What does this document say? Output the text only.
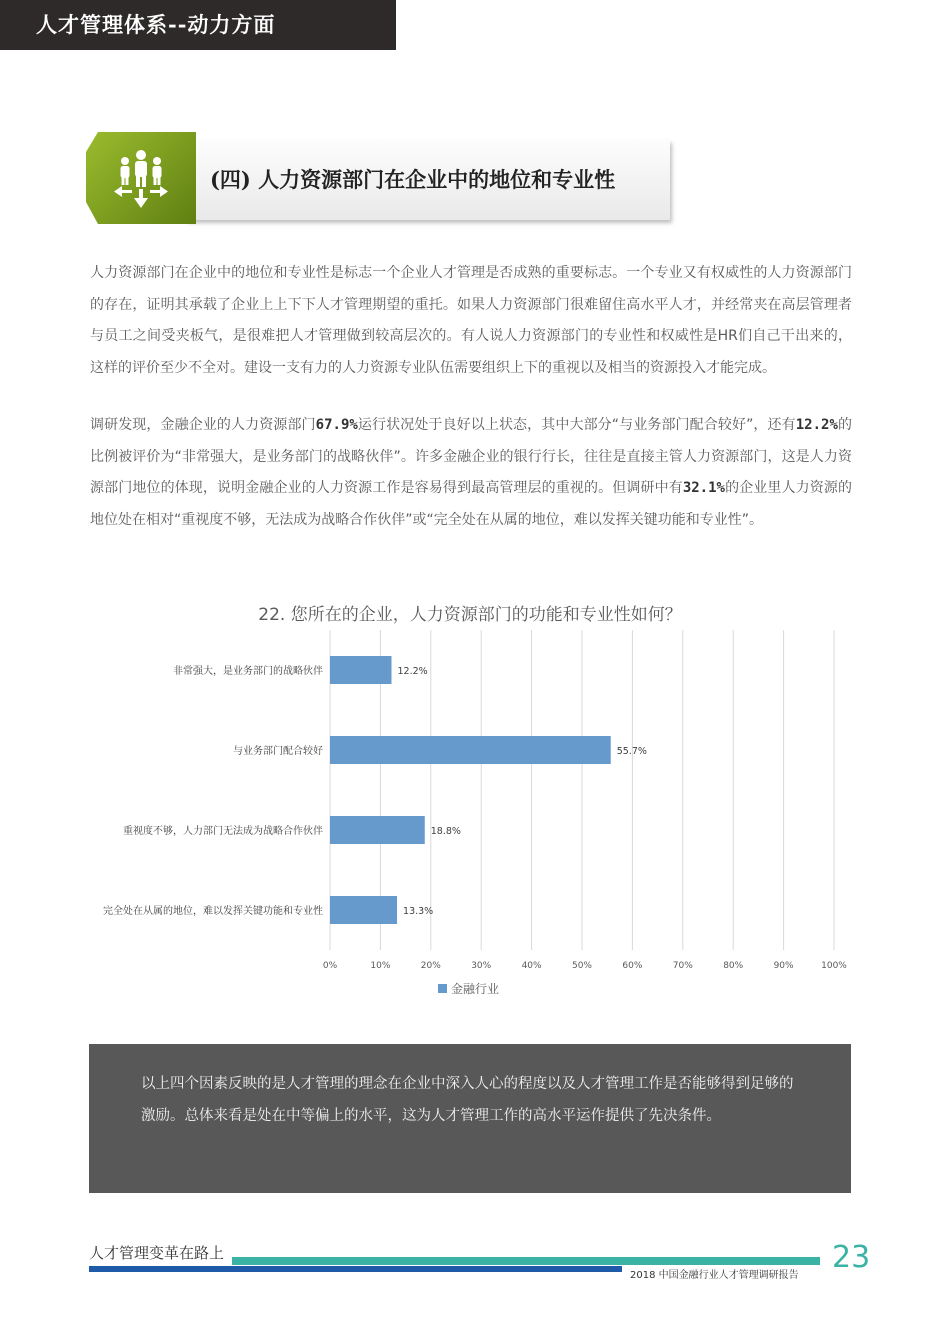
人才管理体系--动力方面
(四) 人力资源部门在企业中的地位和专业性

人力资源部门在企业中的地位和专业性是标志一个企业人才管理是否成熟的重要标志。一个专业又有权威性的人力资源部门的存在，证明其承载了企业上上下下人才管理期望的重托。如果人力资源部门很难留住高水平人才，并经常夹在高层管理者与员工之间受夹板气，是很难把人才管理做到较高层次的。有人说人力资源部门的专业性和权威性是HR们自己干出来的，这样的评价至少不全对。建设一支有力的人力资源专业队伍需要组织上下的重视以及相当的资源投入才能完成。

调研发现，金融企业的人力资源部门67.9%运行状况处于良好以上状态，其中大部分“与业务部门配合较好”，还有12.2%的比例被评价为“非常强大，是业务部门的战略伙伴”。许多金融企业的银行行长，往往是直接主管人力资源部门，这是人力资源部门地位的体现，说明金融企业的人力资源工作是容易得到最高管理层的重视的。但调研中有32.1%的企业里人力资源的地位处在相对“重视度不够，无法成为战略合作伙伴”或“完全处在从属的地位，难以发挥关键功能和专业性”。

22. 您所在的企业，人力资源部门的功能和专业性如何？
0%	10%	20%	30%	40%	50%	60%	70%	80%	90%	100%
非常强大，是业务部门的战略伙伴	12.2%
与业务部门配合较好	55.7%
重视度不够，人力部门无法成为战略合作伙伴	18.8%
完全处在从属的地位，难以发挥关键功能和专业性	13.3%
金融行业
以上四个因素反映的是人才管理的理念在企业中深入人心的程度以及人才管理工作是否能够得到足够的激励。总体来看是处在中等偏上的水平，这为人才管理工作的高水平运作提供了先决条件。
人才管理变革在路上
2018 中国金融行业人才管理调研报告
23
